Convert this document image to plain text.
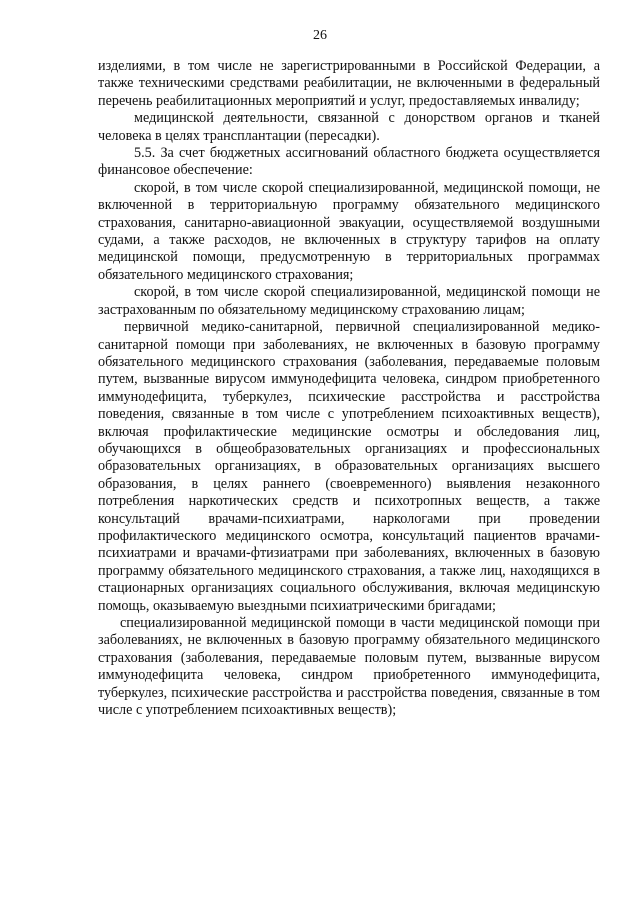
26

изделиями, в том числе не зарегистрированными в Российской Федерации, а также техническими средствами реабилитации, не включенными в федеральный перечень реабилитационных мероприятий и услуг, предоставляемых инвалиду;

медицинской деятельности, связанной с донорством органов и тканей человека в целях трансплантации (пересадки).

5.5. За счет бюджетных ассигнований областного бюджета осуществляется финансовое обеспечение:

скорой, в том числе скорой специализированной, медицинской помощи, не включенной в территориальную программу обязательного медицинского страхования, санитарно-авиационной эвакуации, осуществляемой воздушными судами, а также расходов, не включенных в структуру тарифов на оплату медицинской помощи, предусмотренную в территориальных программах обязательного медицинского страхования;

скорой, в том числе скорой специализированной, медицинской помощи не застрахованным по обязательному медицинскому страхованию лицам;

первичной медико-санитарной, первичной специализированной медико-санитарной помощи при заболеваниях, не включенных в базовую программу обязательного медицинского страхования (заболевания, передаваемые половым путем, вызванные вирусом иммунодефицита человека, синдром приобретенного иммунодефицита, туберкулез, психические расстройства и расстройства поведения, связанные в том числе с употреблением психоактивных веществ), включая профилактические медицинские осмотры и обследования лиц, обучающихся в общеобразовательных организациях и профессиональных образовательных организациях, в образовательных организациях высшего образования, в целях раннего (своевременного) выявления незаконного потребления наркотических средств и психотропных веществ, а также консультаций врачами-психиатрами, наркологами при проведении профилактического медицинского осмотра, консультаций пациентов врачами-психиатрами и врачами-фтизиатрами при заболеваниях, включенных в базовую программу обязательного медицинского страхования, а также лиц, находящихся в стационарных организациях социального обслуживания, включая медицинскую помощь, оказываемую выездными психиатрическими бригадами;

специализированной медицинской помощи в части медицинской помощи при заболеваниях, не включенных в базовую программу обязательного медицинского страхования (заболевания, передаваемые половым путем, вызванные вирусом иммунодефицита человека, синдром приобретенного иммунодефицита, туберкулез, психические расстройства и расстройства поведения, связанные в том числе с употреблением психоактивных веществ);
